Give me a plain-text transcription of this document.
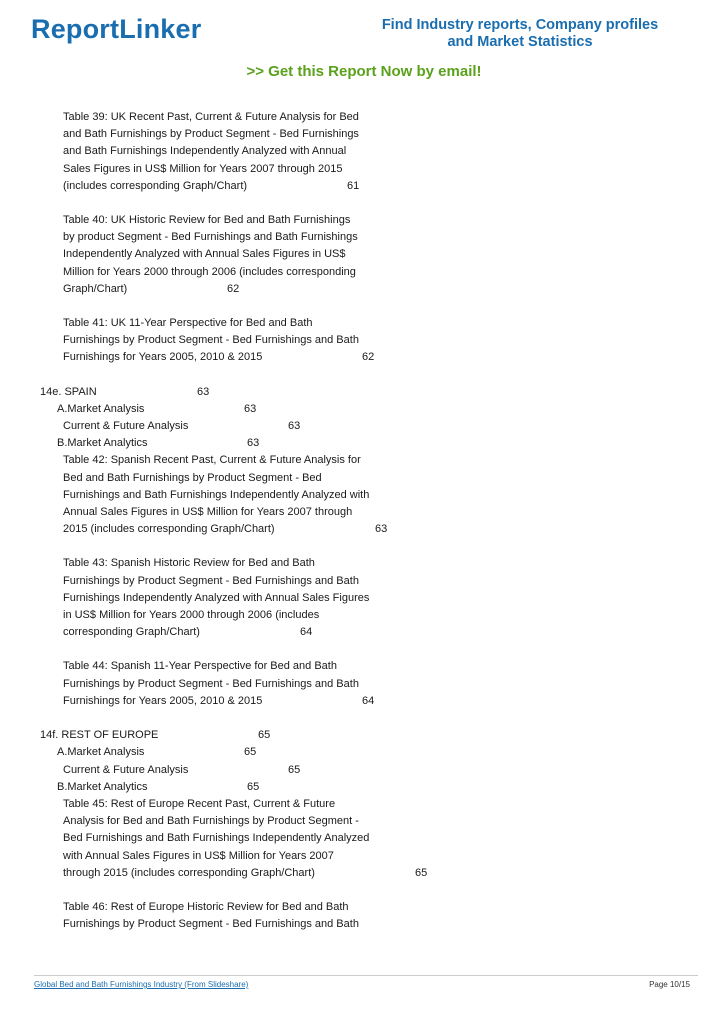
ReportLinker	Find Industry reports, Company profiles
and Market Statistics
>> Get this Report Now by email!
Table 39: UK Recent Past, Current & Future Analysis for Bed
and Bath Furnishings by Product Segment - Bed Furnishings
and Bath Furnishings Independently Analyzed with Annual
Sales Figures in US$ Million for Years 2007 through 2015
(includes corresponding Graph/Chart)	61
Table 40: UK Historic Review for Bed and Bath Furnishings
by product Segment - Bed Furnishings and Bath Furnishings
Independently Analyzed with Annual Sales Figures in US$
Million for Years 2000 through 2006 (includes corresponding
Graph/Chart)	62
Table 41: UK 11-Year Perspective for Bed and Bath
Furnishings by Product Segment - Bed Furnishings and Bath
Furnishings for Years 2005, 2010 & 2015	62
14e. SPAIN	63
A.Market Analysis	63
Current & Future Analysis	63
B.Market Analytics	63
Table 42: Spanish Recent Past, Current & Future Analysis for
Bed and Bath Furnishings by Product Segment - Bed
Furnishings and Bath Furnishings Independently Analyzed with
Annual Sales Figures in US$ Million for Years 2007 through
2015 (includes corresponding Graph/Chart)	63
Table 43: Spanish Historic Review for Bed and Bath
Furnishings by Product Segment - Bed Furnishings and Bath
Furnishings Independently Analyzed with Annual Sales Figures
in US$ Million for Years 2000 through 2006 (includes
corresponding Graph/Chart)	64
Table 44: Spanish 11-Year Perspective for Bed and Bath
Furnishings by Product Segment - Bed Furnishings and Bath
Furnishings for Years 2005, 2010 & 2015	64
14f. REST OF EUROPE	65
A.Market Analysis	65
Current & Future Analysis	65
B.Market Analytics	65
Table 45: Rest of Europe Recent Past, Current & Future
Analysis for Bed and Bath Furnishings by Product Segment -
Bed Furnishings and Bath Furnishings Independently Analyzed
with Annual Sales Figures in US$ Million for Years 2007
through 2015 (includes corresponding Graph/Chart)	65
Table 46: Rest of Europe Historic Review for Bed and Bath
Furnishings by Product Segment - Bed Furnishings and Bath
Global Bed and Bath Furnishings Industry (From Slideshare)	Page 10/15
